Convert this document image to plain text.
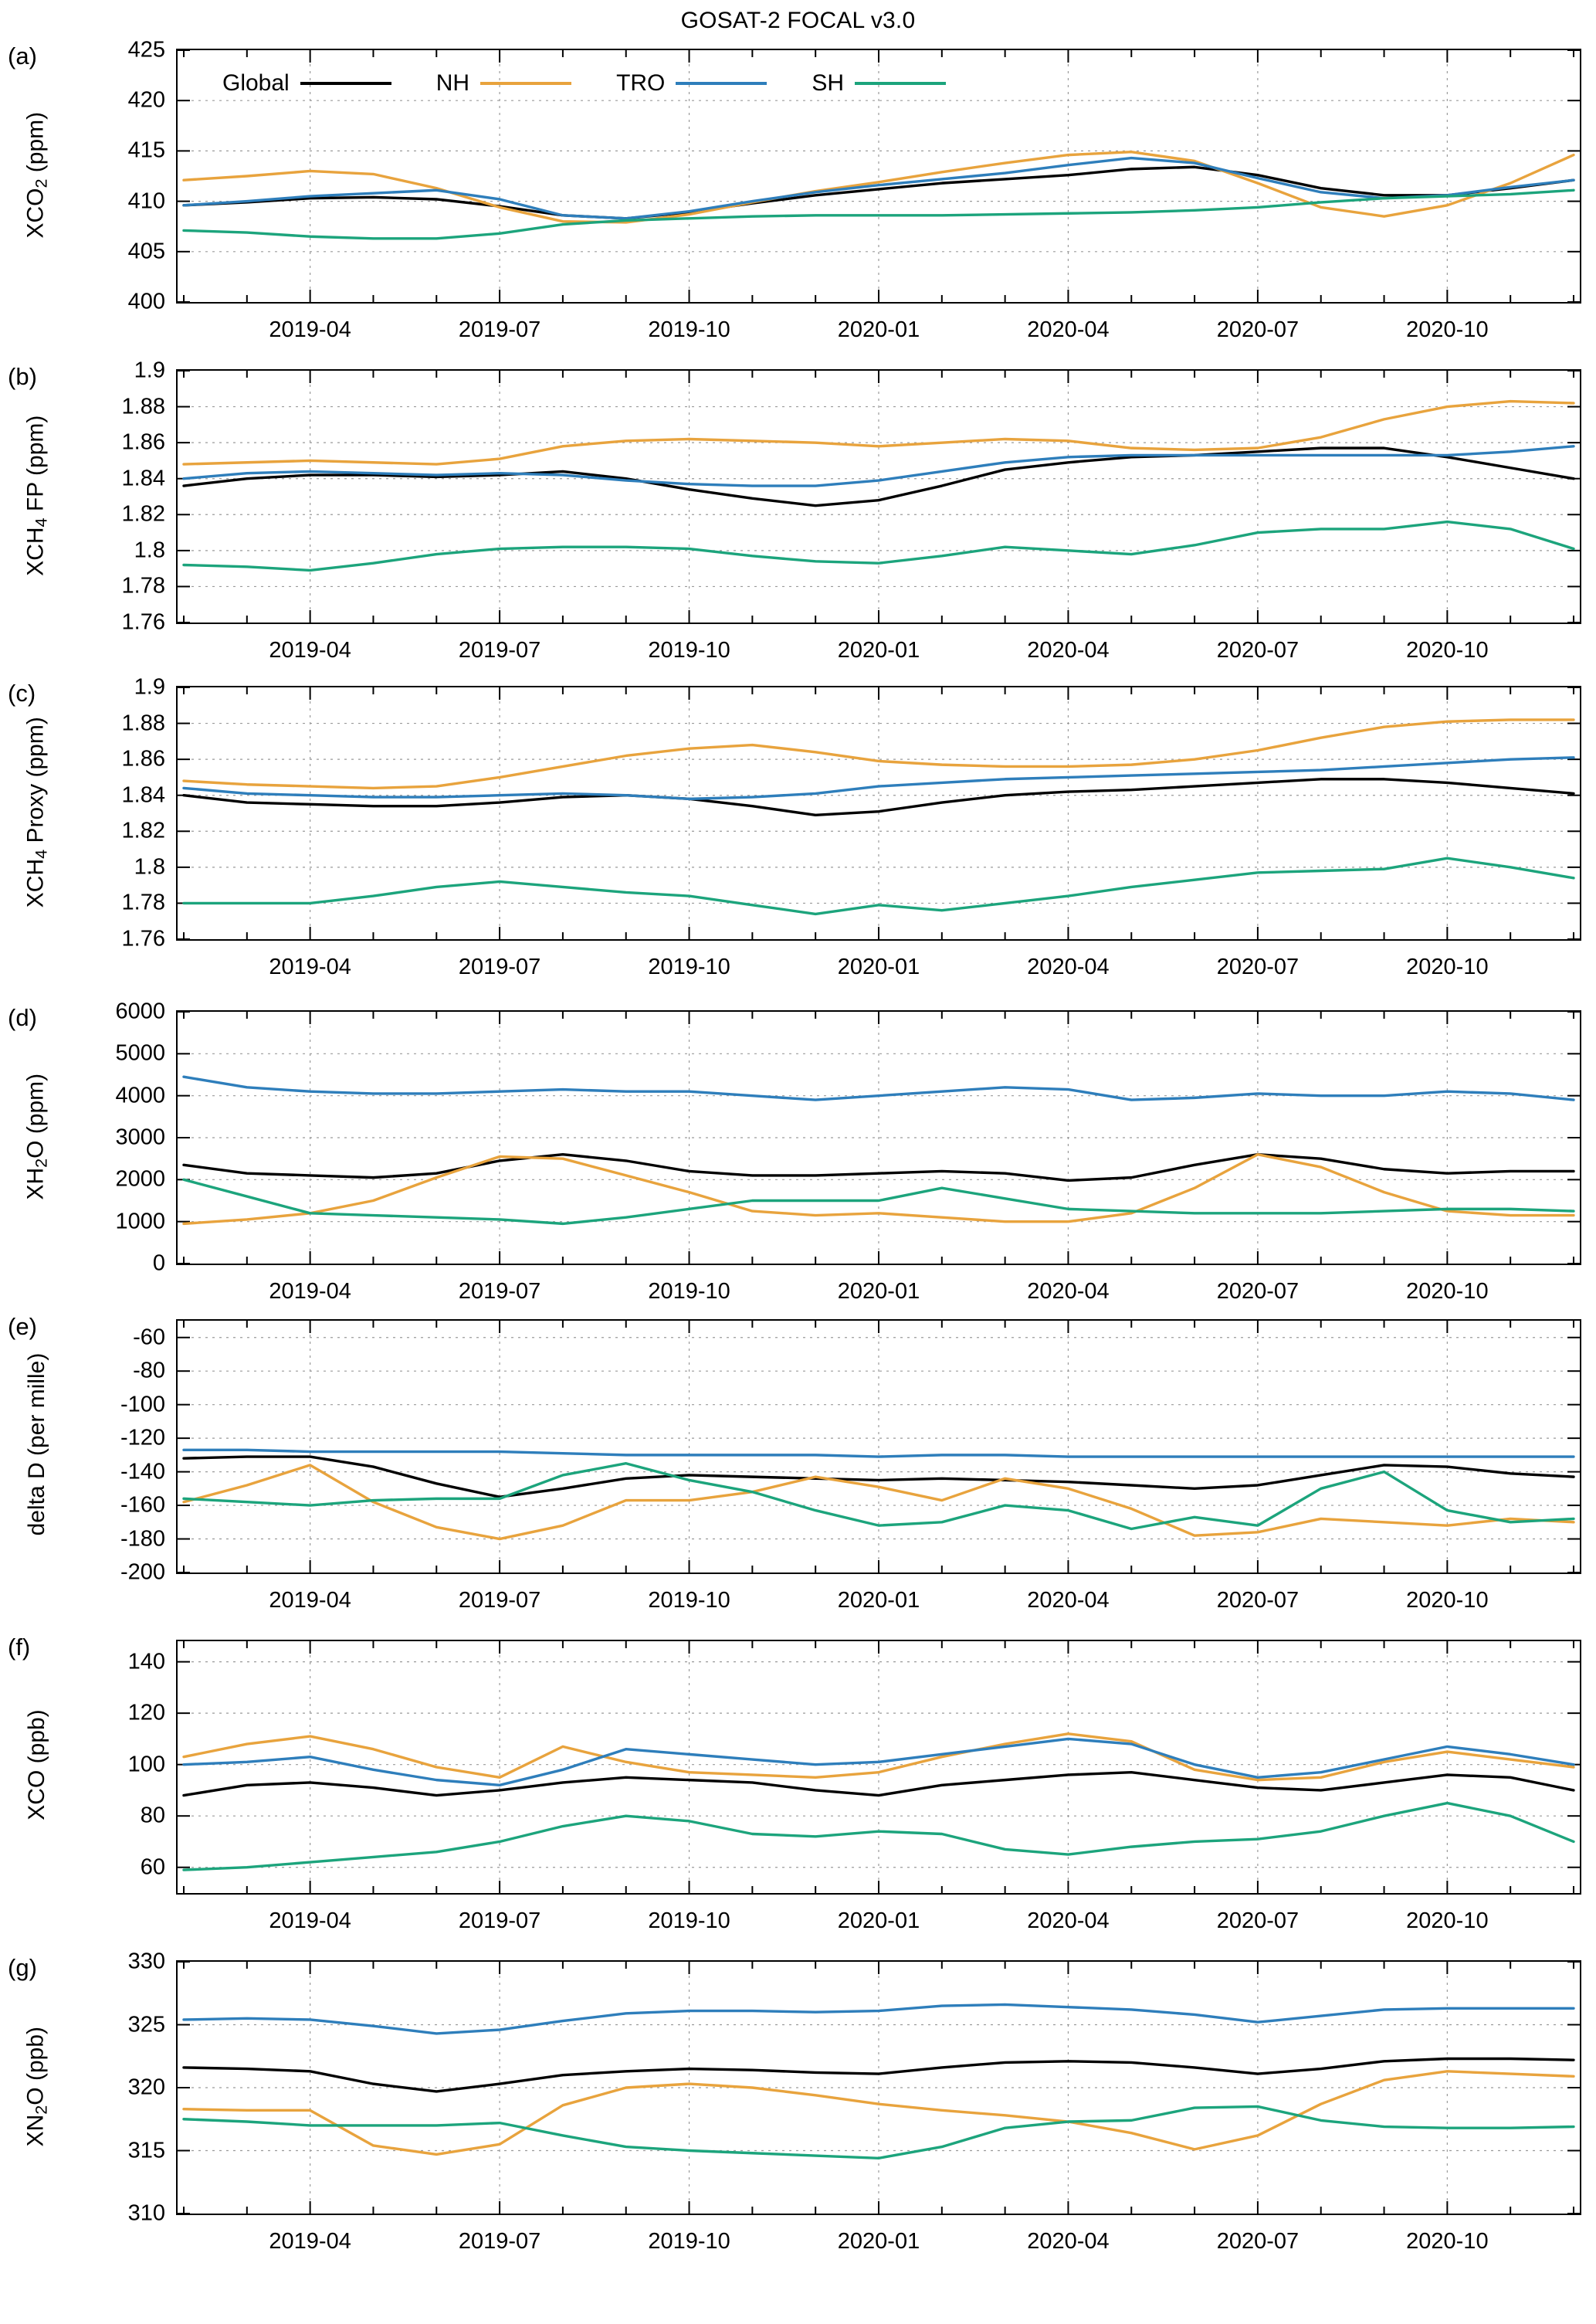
GOSAT-2 FOCAL v3.0
(a)
$XCO_2$ (ppm)
400
405
410
415
420
425
2019-04	2019-07	2019-10	2020-01	2020-04	2020-07	2020-10
Global	NH	TRO	SH
(b)
$XCH_4$ FP (ppm)
1.76
1.78
1.8
1.82
1.84
1.86
1.88
1.9
2019-04	2019-07	2019-10	2020-01	2020-04	2020-07	2020-10
(c)
$XCH_4$ Proxy (ppm)
1.76
1.78
1.8
1.82
1.84
1.86
1.88
1.9
2019-04	2019-07	2019-10	2020-01	2020-04	2020-07	2020-10
(d)
$XH_2O$ (ppm)
0
1000
2000
3000
4000
5000
6000
2019-04	2019-07	2019-10	2020-01	2020-04	2020-07	2020-10
(e)
delta D (per mille)
-200
-180
-160
-140
-120
-100
-80
-60
2019-04	2019-07	2019-10	2020-01	2020-04	2020-07	2020-10
(f)
XCO (ppb)
60
80
100
120
140
2019-04	2019-07	2019-10	2020-01	2020-04	2020-07	2020-10
(g)
$XN_2O$ (ppb)
310
315
320
325
330
2019-04	2019-07	2019-10	2020-01	2020-04	2020-07	2020-10
